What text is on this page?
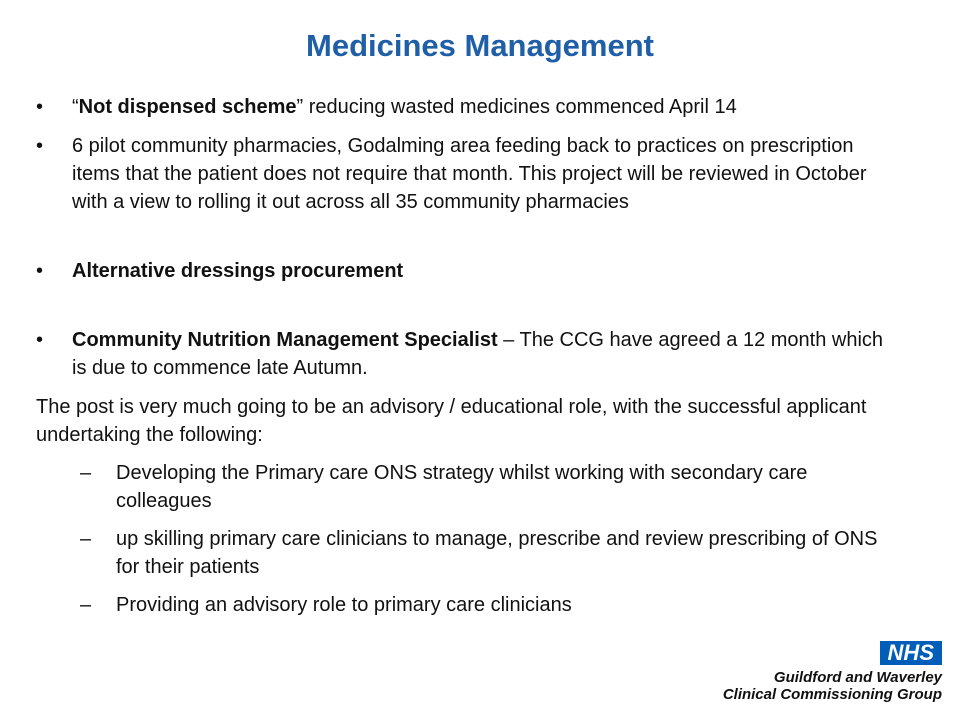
Medicines Management
•	“Not dispensed scheme” reducing wasted medicines commenced April 14
•	6 pilot community pharmacies, Godalming area feeding back to practices on prescription items that the patient does not require that month. This project will be reviewed in October with a view to rolling it out across all 35 community pharmacies
•	Alternative dressings procurement
•	Community Nutrition Management Specialist – The CCG have agreed a 12 month which is due to commence late Autumn.
The post is very much going to be an advisory / educational role, with the successful applicant undertaking the following:
– Developing the Primary care ONS strategy whilst working with secondary care colleagues
– up skilling primary care clinicians to manage, prescribe and review prescribing of ONS for their patients
– Providing an advisory role to primary care clinicians
NHS
Guildford and Waverley
Clinical Commissioning Group
